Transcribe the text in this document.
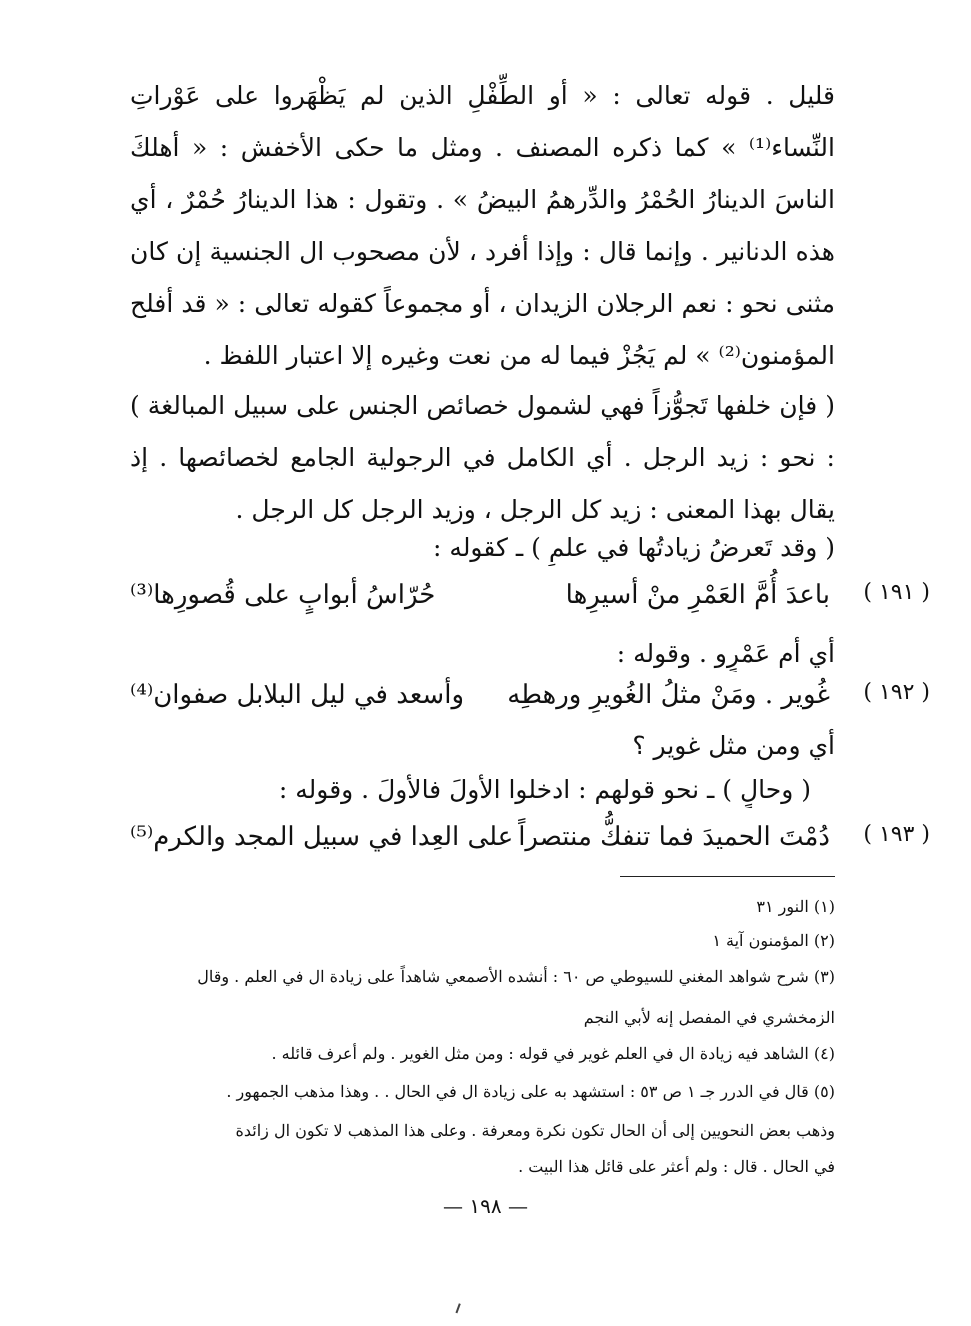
قليل . قوله تعالى : « أو الطِّفْلِ الذين لم يَظْهَروا على عَوْراتِ النِّساء⁽¹⁾ » كما ذكره المصنف . ومثل ما حكى الأخفش : « أهلكَ الناسَ الدينارُ الحُمْرُ والدِّرهمُ البيضُ » . وتقول : هذا الدينارُ حُمْرٌ ، أي هذه الدنانير . وإنما قال : وإذا أفرد ، لأن مصحوب ال الجنسية إن كان مثنى نحو : نعم الرجلان الزيدان ، أو مجموعاً كقوله تعالى : « قد أفلح المؤمنون⁽²⁾ » لم يَجُزْ فيما له من نعت وغيره إلا اعتبار اللفظ .
( فإن خلفها تَجوُّزاً فهي لشمول خصائص الجنس على سبيل المبالغة ) : نحو : زيد الرجل . أي الكامل في الرجولية الجامع لخصائصها . إذ يقال بهذا المعنى : زيد كل الرجل ، وزيد الرجل كل الرجل .
( وقد تَعرضُ زيادتُها في علمٍ ) ـ كقوله :
( ١٩١ )
باعدَ أُمَّ العَمْرِ منْ أسيرِها
حُرّاسُ أبوابٍ على قُصورِها⁽³⁾
أي أم عَمْرٍو . وقوله :
( ١٩٢ )
غُوير . ومَنْ مثلُ الغُويرِ ورهطِه
وأسعد في ليل البلابل صفوان⁽⁴⁾
أي ومن مثل غوير ؟
( وحالٍ ) ـ نحو قولهم : ادخلوا الأولَ فالأولَ . وقوله :
( ١٩٣ )
دُمْتَ الحميدَ فما تنفكُّ منتصراً
على العِدا في سبيل المجد والكرم⁽⁵⁾
(١) النور ٣١
(٢) المؤمنون آية ١
(٣) شرح شواهد المغني للسيوطي ص ٦٠ : أنشده الأصمعي شاهداً على زيادة ال في العلم . وقال
الزمخشري في المفصل إنه لأبي النجم
(٤) الشاهد فيه زيادة ال في العلم غوير في قوله : ومن مثل الغوير . ولم أعرف قائله .
(٥) قال في الدرر جـ ١ ص ٥٣ : استشهد به على زيادة ال في الحال . . وهذا مذهب الجمهور .
وذهب بعض النحويين إلى أن الحال تكون نكرة ومعرفة . وعلى هذا المذهب لا تكون ال زائدة
في الحال . قال : ولم أعثر على قائل هذا البيت .
— ١٩٨ —
